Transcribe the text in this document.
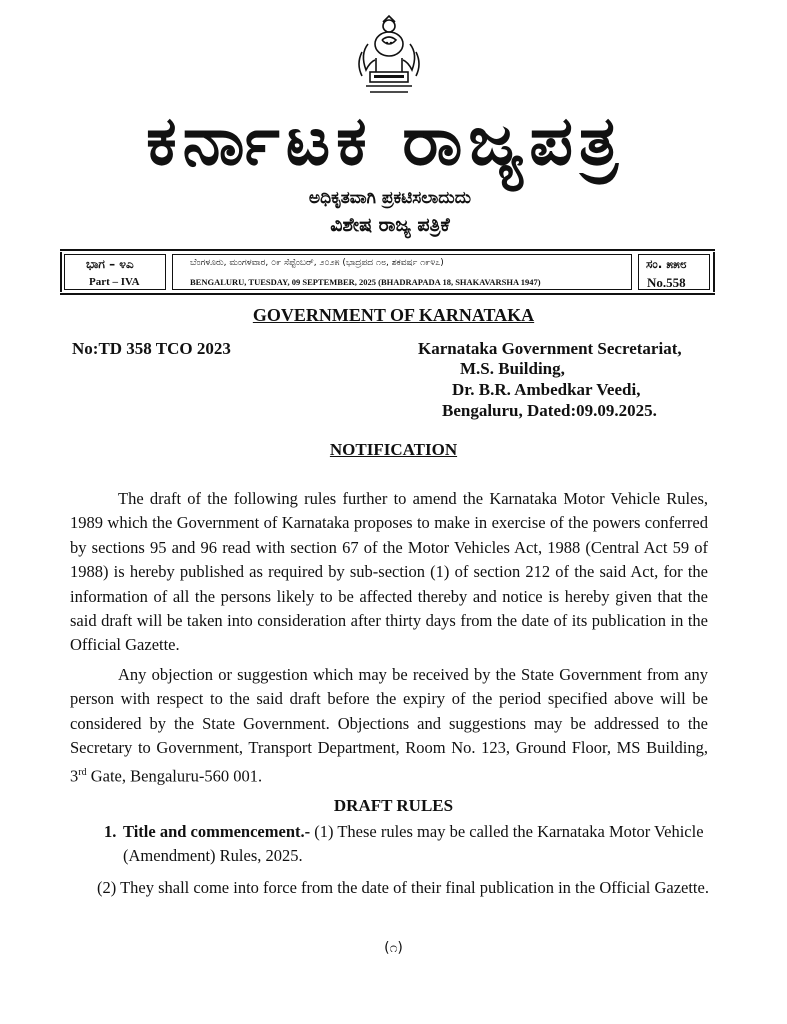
ಕರ್ನಾಟಕ ರಾಜ್ಯಪತ್ರ
ಅಧಿಕೃತವಾಗಿ ಪ್ರಕಟಿಸಲಾದುದು
ವಿಶೇಷ ರಾಜ್ಯ ಪತ್ರಿಕೆ
ಭಾಗ – ೪ಎ
Part – IVA
ಬೆಂಗಳೂರು, ಮಂಗಳವಾರ, ೦೯ ಸೆಪ್ಟೆಂಬರ್, ೨೦೨೫ (ಭಾದ್ರಪದ ೧೮, ಶಕವರ್ಷ ೧೯೪೭)
BENGALURU, TUESDAY, 09 SEPTEMBER, 2025 (BHADRAPADA 18, SHAKAVARSHA 1947)
ಸಂ. ೫೫೮
No.558
GOVERNMENT OF KARNATAKA
No:TD 358 TCO 2023	Karnataka Government Secretariat,
M.S. Building,
Dr. B.R. Ambedkar Veedi,
Bengaluru, Dated:09.09.2025.
NOTIFICATION

The draft of the following rules further to amend the Karnataka Motor Vehicle Rules, 1989 which the Government of Karnataka proposes to make in exercise of the powers conferred by sections 95 and 96 read with section 67 of the Motor Vehicles Act, 1988 (Central Act 59 of 1988) is hereby published as required by sub-section (1) of section 212 of the said Act, for the information of all the persons likely to be affected thereby and notice is hereby given that the said draft will be taken into consideration after thirty days from the date of its publication in the Official Gazette.

Any objection or suggestion which may be received by the State Government from any person with respect to the said draft before the expiry of the period specified above will be considered by the State Government. Objections and suggestions may be addressed to the Secretary to Government, Transport Department, Room No. 123, Ground Floor, MS Building, 3rd Gate, Bengaluru-560 001.

DRAFT RULES

1. Title and commencement.- (1) These rules may be called the Karnataka Motor Vehicle (Amendment) Rules, 2025.

(2) They shall come into force from the date of their final publication in the Official Gazette.

(೧)
